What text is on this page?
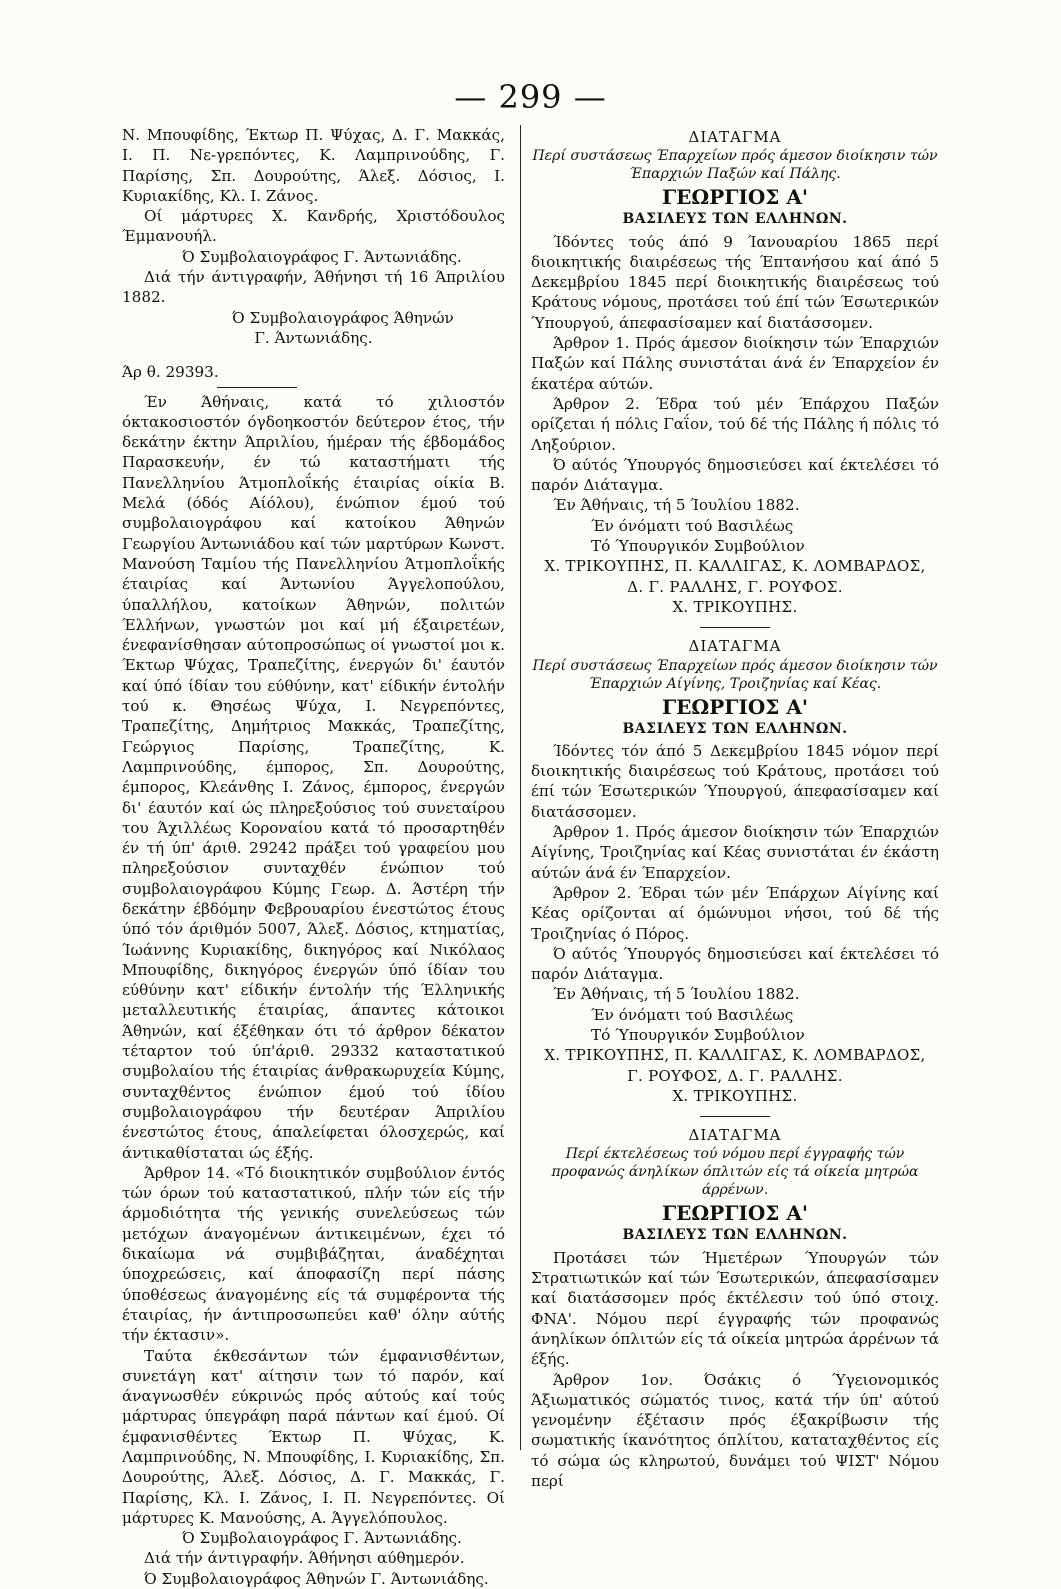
— 299 —

Ν. Μπουφίδης, Έκτωρ Π. Ψύχας, Δ. Γ. Μακκάς, Ι. Π. Νε-γρεπόντες, Κ. Λαμπρινούδης, Γ. Παρίσης, Σπ. Δουρούτης, Άλεξ. Δόσιος, Ι. Κυριακίδης, Κλ. Ι. Ζάνος.

Οί μάρτυρες Χ. Κανδρής, Χριστόδουλος Έμμανουήλ.

Ό Συμβολαιογράφος Γ. Άντωνιάδης.

Διά τήν άντιγραφήν, Άθήνησι τή 16 Άπριλίου 1882.

Ό Συμβολαιογράφος Άθηνών

Γ. Άντωνιάδης.

Άρ θ. 29393.

Έν Άθήναις, κατά τό χιλιοστόν όκτακοσιοστόν όγδοηκοστόν δεύτερον έτος, τήν δεκάτην έκτην Άπριλίου, ήμέραν τής έβδομάδος Παρασκευήν, έν τώ καταστήματι τής Πανελληνίου Άτμοπλοΐκής έταιρίας οίκία Β. Μελά (όδός Αίόλου), ένώπιον έμού τού συμβολαιογράφου καί κατοίκου Άθηνών Γεωργίου Άντωνιάδου καί τών μαρτύρων Κωνστ. Μανούση Ταμίου τής Πανελληνίου Άτμοπλοΐκής έταιρίας καί Άντωνίου Άγγελοπούλου, ύπαλλήλου, κατοίκων Άθηνών, πολιτών Έλλήνων, γνωστών μοι καί μή έξαιρετέων, ένεφανίσθησαν αύτοπροσώπως οί γνωστοί μοι κ. Έκτωρ Ψύχας, Τραπεζίτης, ένεργών δι' έαυτόν καί ύπό ίδίαν του εύθύνην, κατ' είδικήν έντολήν τού κ. Θησέως Ψύχα, Ι. Νεγρεπόντες, Τραπεζίτης, Δημήτριος Μακκάς, Τραπεζίτης, Γεώργιος Παρίσης, Τραπεζίτης, Κ. Λαμπρινούδης, έμπορος, Σπ. Δουρούτης, έμπορος, Κλεάνθης Ι. Ζάνος, έμπορος, ένεργών δι' έαυτόν καί ώς πληρεξούσιος τού συνεταίρου του Άχιλλέως Κοροναίου κατά τό προσαρτηθέν έν τή ύπ' άριθ. 29242 πράξει τού γραφείου μου πληρεξούσιον συνταχθέν ένώπιον τού συμβολαιογράφου Κύμης Γεωρ. Δ. Άστέρη τήν δεκάτην έβδόμην Φεβρουαρίου ένεστώτος έτους ύπό τόν άριθμόν 5007, Άλεξ. Δόσιος, κτηματίας, Ίωάννης Κυριακίδης, δικηγόρος καί Νικόλαος Μπουφίδης, δικηγόρος ένεργών ύπό ίδίαν του εύθύνην κατ' είδικήν έντολήν τής Έλληνικής μεταλλευτικής έταιρίας, άπαντες κάτοικοι Άθηνών, καί έξέθηκαν ότι τό άρθρον δέκατον τέταρτον τού ύπ'άριθ. 29332 καταστατικού συμβολαίου τής έταιρίας άνθρακωρυχεία Κύμης, συνταχθέντος ένώπιον έμού τού ίδίου συμβολαιογράφου τήν δευτέραν Άπριλίου ένεστώτος έτους, άπαλείφεται όλοσχερώς, καί άντικαθίσταται ώς έξής.

Άρθρον 14. «Τό διοικητικόν συμβούλιον έντός τών όρων τού καταστατικού, πλήν τών είς τήν άρμοδιότητα τής γενικής συνελεύσεως τών μετόχων άναγομένων άντικειμένων, έχει τό δικαίωμα νά συμβιβάζηται, άναδέχηται ύποχρεώσεις, καί άποφασίζη περί πάσης ύποθέσεως άναγομένης είς τά συμφέροντα τής έταιρίας, ήν άντιπροσωπεύει καθ' όλην αύτής τήν έκτασιν».

Ταύτα έκθεσάντων τών έμφανισθέντων, συνετάγη κατ' αίτησιν των τό παρόν, καί άναγνωσθέν εύκρινώς πρός αύτούς καί τούς μάρτυρας ύπεγράφη παρά πάντων καί έμού. Οί έμφανισθέντες Έκτωρ Π. Ψύχας, Κ. Λαμπρινούδης, Ν. Μπουφίδης, Ι. Κυριακίδης, Σπ. Δουρούτης, Άλεξ. Δόσιος, Δ. Γ. Μακκάς, Γ. Παρίσης, Κλ. Ι. Ζάνος, Ι. Π. Νεγρεπόντες. Οί μάρτυρες Κ. Μανούσης, Α. Άγγελόπουλος.

Ό Συμβολαιογράφος Γ. Άντωνιάδης.

Διά τήν άντιγραφήν. Άθήνησι αύθημερόν.

Ό Συμβολαιογράφος Άθηνών Γ. Άντωνιάδης.

ΔΙΑΤΑΓΜΑ
Περί συστάσεως Έπαρχείων πρός άμεσον διοίκησιν τών Έπαρχιών Παξών καί Πάλης.
ΓΕΩΡΓΙΟΣ Α'
ΒΑΣΙΛΕΥΣ ΤΩΝ ΕΛΛΗΝΩΝ.

Ίδόντες τούς άπό 9 Ίανουαρίου 1865 περί διοικητικής διαιρέσεως τής Έπτανήσου καί άπό 5 Δεκεμβρίου 1845 περί διοικητικής διαιρέσεως τού Κράτους νόμους, προτάσει τού έπί τών Έσωτερικών Ύπουργού, άπεφασίσαμεν καί διατάσσομεν.

Άρθρον 1. Πρός άμεσον διοίκησιν τών Έπαρχιών Παξών καί Πάλης συνιστάται άνά έν Έπαρχείον έν έκατέρα αύτών.

Άρθρον 2. Έδρα τού μέν Έπάρχου Παξών ορίζεται ή πόλις Γαΐον, τού δέ τής Πάλης ή πόλις τό Ληξούριον.

Ό αύτός Ύπουργός δημοσιεύσει καί έκτελέσει τό παρόν Διάταγμα.

Έν Άθήναις, τή 5 Ίουλίου 1882.

Έν όνόματι τού Βασιλέως

Τό Ύπουργικόν Συμβούλιον

Χ. ΤΡΙΚΟΥΠΗΣ, Π. ΚΑΛΛΙΓΑΣ, Κ. ΛΟΜΒΑΡΔΟΣ,
Δ. Γ. ΡΑΛΛΗΣ, Γ. ΡΟΥΦΟΣ.
Χ. ΤΡΙΚΟΥΠΗΣ.
ΔΙΑΤΑΓΜΑ
Περί συστάσεως Έπαρχείων πρός άμεσον διοίκησιν τών Έπαρχιών Αίγίνης, Τροιζηνίας καί Κέας.
ΓΕΩΡΓΙΟΣ Α'
ΒΑΣΙΛΕΥΣ ΤΩΝ ΕΛΛΗΝΩΝ.

Ίδόντες τόν άπό 5 Δεκεμβρίου 1845 νόμον περί διοικητικής διαιρέσεως τού Κράτους, προτάσει τού έπί τών Έσωτερικών Ύπουργού, άπεφασίσαμεν καί διατάσσομεν.

Άρθρον 1. Πρός άμεσον διοίκησιν τών Έπαρχιών Αίγίνης, Τροιζηνίας καί Κέας συνιστάται έν έκάστη αύτών άνά έν Έπαρχείον.

Άρθρον 2. Έδραι τών μέν Έπάρχων Αίγίνης καί Κέας ορίζονται αί όμώνυμοι νήσοι, τού δέ τής Τροιζηνίας ό Πόρος.

Ό αύτός Ύπουργός δημοσιεύσει καί έκτελέσει τό παρόν Διάταγμα.

Έν Άθήναις, τή 5 Ίουλίου 1882.

Έν όνόματι τού Βασιλέως

Τό Ύπουργικόν Συμβούλιον

Χ. ΤΡΙΚΟΥΠΗΣ, Π. ΚΑΛΛΙΓΑΣ, Κ. ΛΟΜΒΑΡΔΟΣ,
Γ. ΡΟΥΦΟΣ, Δ. Γ. ΡΑΛΛΗΣ.
Χ. ΤΡΙΚΟΥΠΗΣ.
ΔΙΑΤΑΓΜΑ
Περί έκτελέσεως τού νόμου περί έγγραφής τών προφανώς άνηλίκων όπλιτών είς τά οίκεία μητρώα άρρένων.
ΓΕΩΡΓΙΟΣ Α'
ΒΑΣΙΛΕΥΣ ΤΩΝ ΕΛΛΗΝΩΝ.

Προτάσει τών Ήμετέρων Ύπουργών τών Στρατιωτικών καί τών Έσωτερικών, άπεφασίσαμεν καί διατάσσομεν πρός έκτέλεσιν τού ύπό στοιχ. ΦΝΑ'. Νόμου περί έγγραφής τών προφανώς άνηλίκων όπλιτών είς τά οίκεία μητρώα άρρένων τά έξής.

Άρθρον 1ον. Όσάκις ό Ύγειονομικός Άξιωματικός σώματός τινος, κατά τήν ύπ' αύτού γενομένην έξέτασιν πρός έξακρίβωσιν τής σωματικής ίκανότητος όπλίτου, καταταχθέντος είς τό σώμα ώς κληρωτού, δυνάμει τού ΨΙΣΤ' Νόμου περί
